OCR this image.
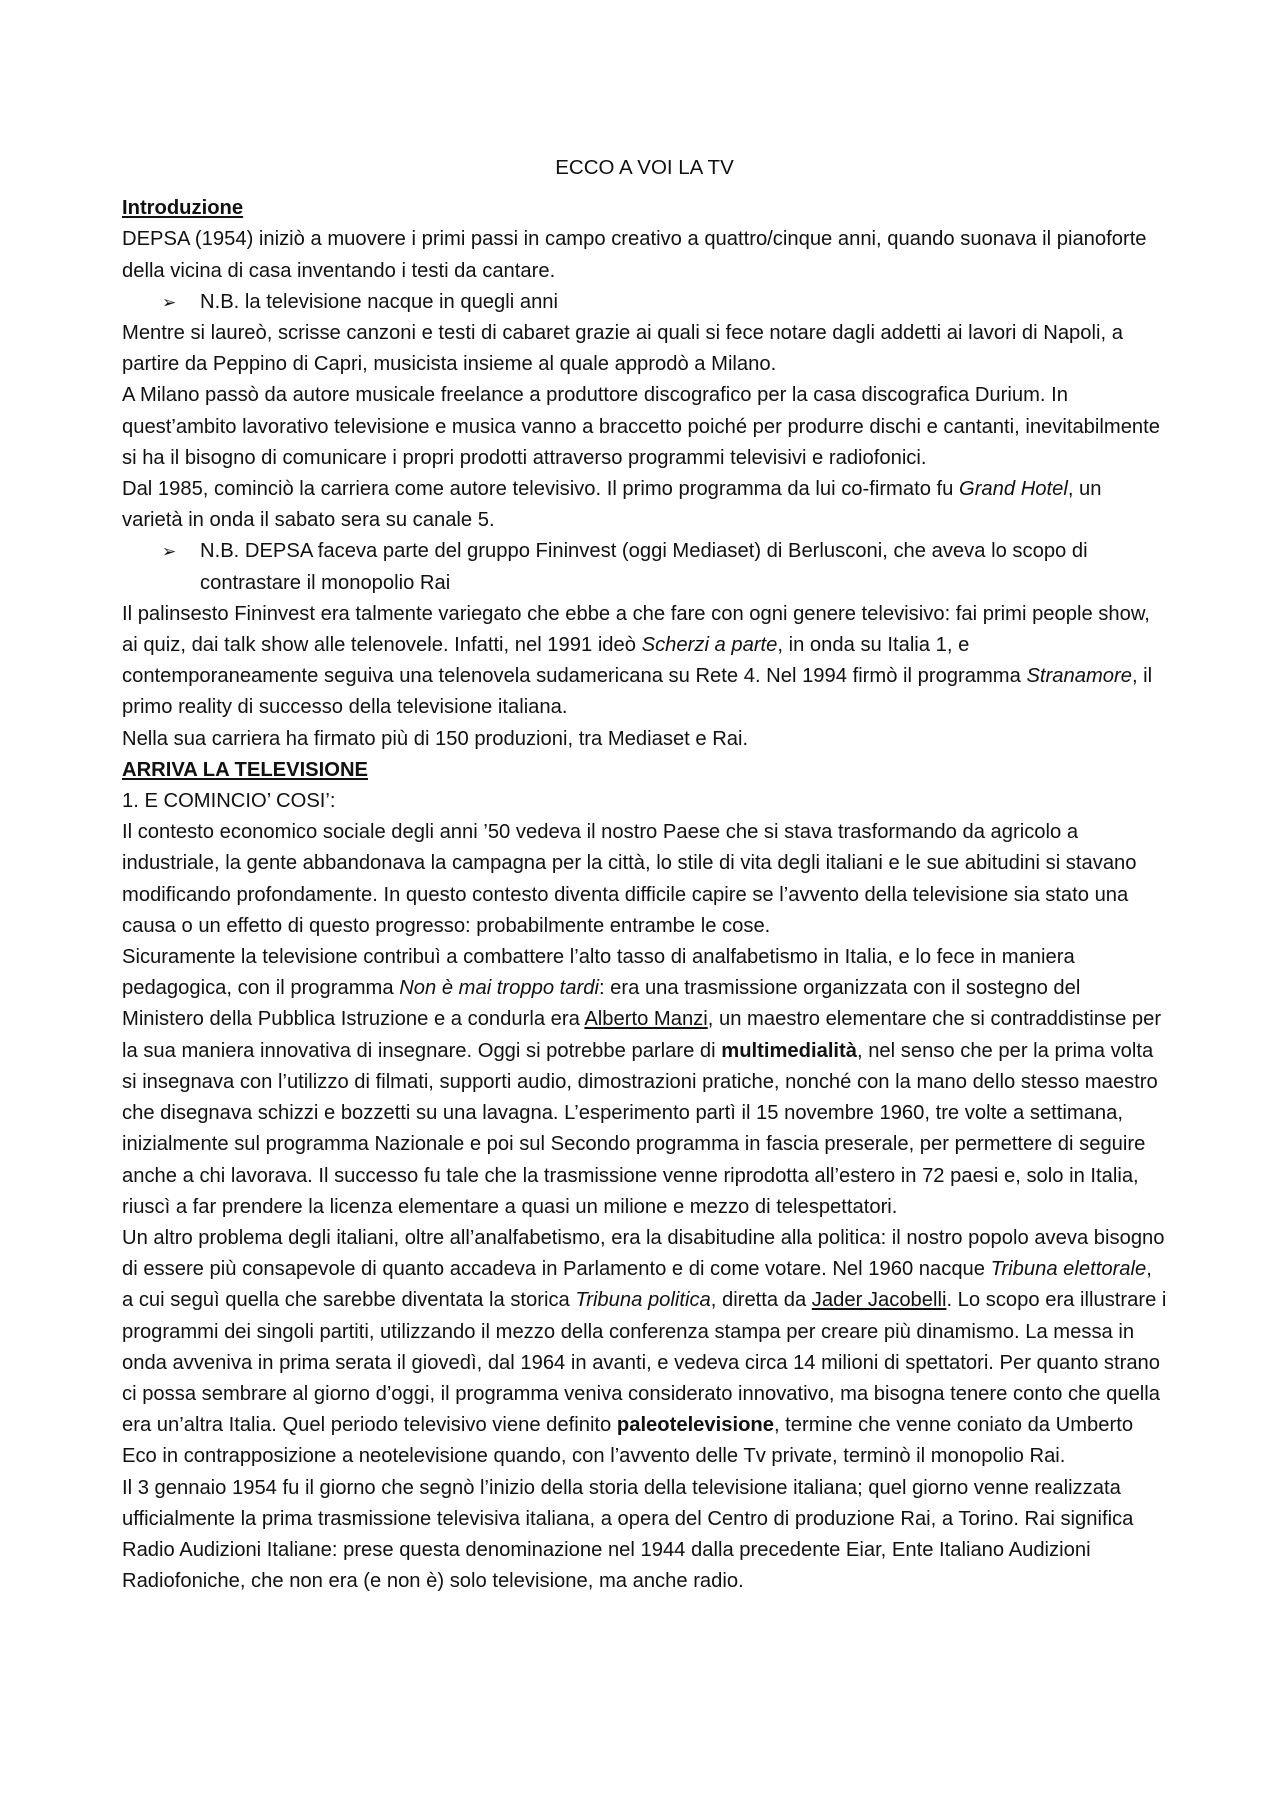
ECCO A VOI LA TV
Introduzione

DEPSA (1954) iniziò a muovere i primi passi in campo creativo a quattro/cinque anni, quando suonava il pianoforte della vicina di casa inventando i testi da cantare.

➢ N.B. la televisione nacque in quegli anni

Mentre si laureò, scrisse canzoni e testi di cabaret grazie ai quali si fece notare dagli addetti ai lavori di Napoli, a partire da Peppino di Capri, musicista insieme al quale approdò a Milano.

A Milano passò da autore musicale freelance a produttore discografico per la casa discografica Durium. In quest’ambito lavorativo televisione e musica vanno a braccetto poiché per produrre dischi e cantanti, inevitabilmente si ha il bisogno di comunicare i propri prodotti attraverso programmi televisivi e radiofonici.

Dal 1985, cominciò la carriera come autore televisivo. Il primo programma da lui co-firmato fu Grand Hotel, un varietà in onda il sabato sera su canale 5.

➢ N.B. DEPSA faceva parte del gruppo Fininvest (oggi Mediaset) di Berlusconi, che aveva lo scopo di contrastare il monopolio Rai

Il palinsesto Fininvest era talmente variegato che ebbe a che fare con ogni genere televisivo: fai primi people show, ai quiz, dai talk show alle telenovele. Infatti, nel 1991 ideò Scherzi a parte, in onda su Italia 1, e contemporaneamente seguiva una telenovela sudamericana su Rete 4. Nel 1994 firmò il programma Stranamore, il primo reality di successo della televisione italiana.

Nella sua carriera ha firmato più di 150 produzioni, tra Mediaset e Rai.

ARRIVA LA TELEVISIONE

1. E COMINCIO’ COSI’:

Il contesto economico sociale degli anni ’50 vedeva il nostro Paese che si stava trasformando da agricolo a industriale, la gente abbandonava la campagna per la città, lo stile di vita degli italiani e le sue abitudini si stavano modificando profondamente. In questo contesto diventa difficile capire se l’avvento della televisione sia stato una causa o un effetto di questo progresso: probabilmente entrambe le cose.

Sicuramente la televisione contribuì a combattere l’alto tasso di analfabetismo in Italia, e lo fece in maniera pedagogica, con il programma Non è mai troppo tardi: era una trasmissione organizzata con il sostegno del Ministero della Pubblica Istruzione e a condurla era Alberto Manzi, un maestro elementare che si contraddistinse per la sua maniera innovativa di insegnare. Oggi si potrebbe parlare di multimedialità, nel senso che per la prima volta si insegnava con l’utilizzo di filmati, supporti audio, dimostrazioni pratiche, nonché con la mano dello stesso maestro che disegnava schizzi e bozzetti su una lavagna. L’esperimento partì il 15 novembre 1960, tre volte a settimana, inizialmente sul programma Nazionale e poi sul Secondo programma in fascia preserale, per permettere di seguire anche a chi lavorava. Il successo fu tale che la trasmissione venne riprodotta all’estero in 72 paesi e, solo in Italia, riuscì a far prendere la licenza elementare a quasi un milione e mezzo di telespettatori.

Un altro problema degli italiani, oltre all’analfabetismo, era la disabitudine alla politica: il nostro popolo aveva bisogno di essere più consapevole di quanto accadeva in Parlamento e di come votare. Nel 1960 nacque Tribuna elettorale, a cui seguì quella che sarebbe diventata la storica Tribuna politica, diretta da Jader Jacobelli. Lo scopo era illustrare i programmi dei singoli partiti, utilizzando il mezzo della conferenza stampa per creare più dinamismo. La messa in onda avveniva in prima serata il giovedì, dal 1964 in avanti, e vedeva circa 14 milioni di spettatori. Per quanto strano ci possa sembrare al giorno d’oggi, il programma veniva considerato innovativo, ma bisogna tenere conto che quella era un’altra Italia. Quel periodo televisivo viene definito paleotelevisione, termine che venne coniato da Umberto Eco in contrapposizione a neotelevisione quando, con l’avvento delle Tv private, terminò il monopolio Rai.

Il 3 gennaio 1954 fu il giorno che segnò l’inizio della storia della televisione italiana; quel giorno venne realizzata ufficialmente la prima trasmissione televisiva italiana, a opera del Centro di produzione Rai, a Torino. Rai significa Radio Audizioni Italiane: prese questa denominazione nel 1944 dalla precedente Eiar, Ente Italiano Audizioni Radiofoniche, che non era (e non è) solo televisione, ma anche radio.
